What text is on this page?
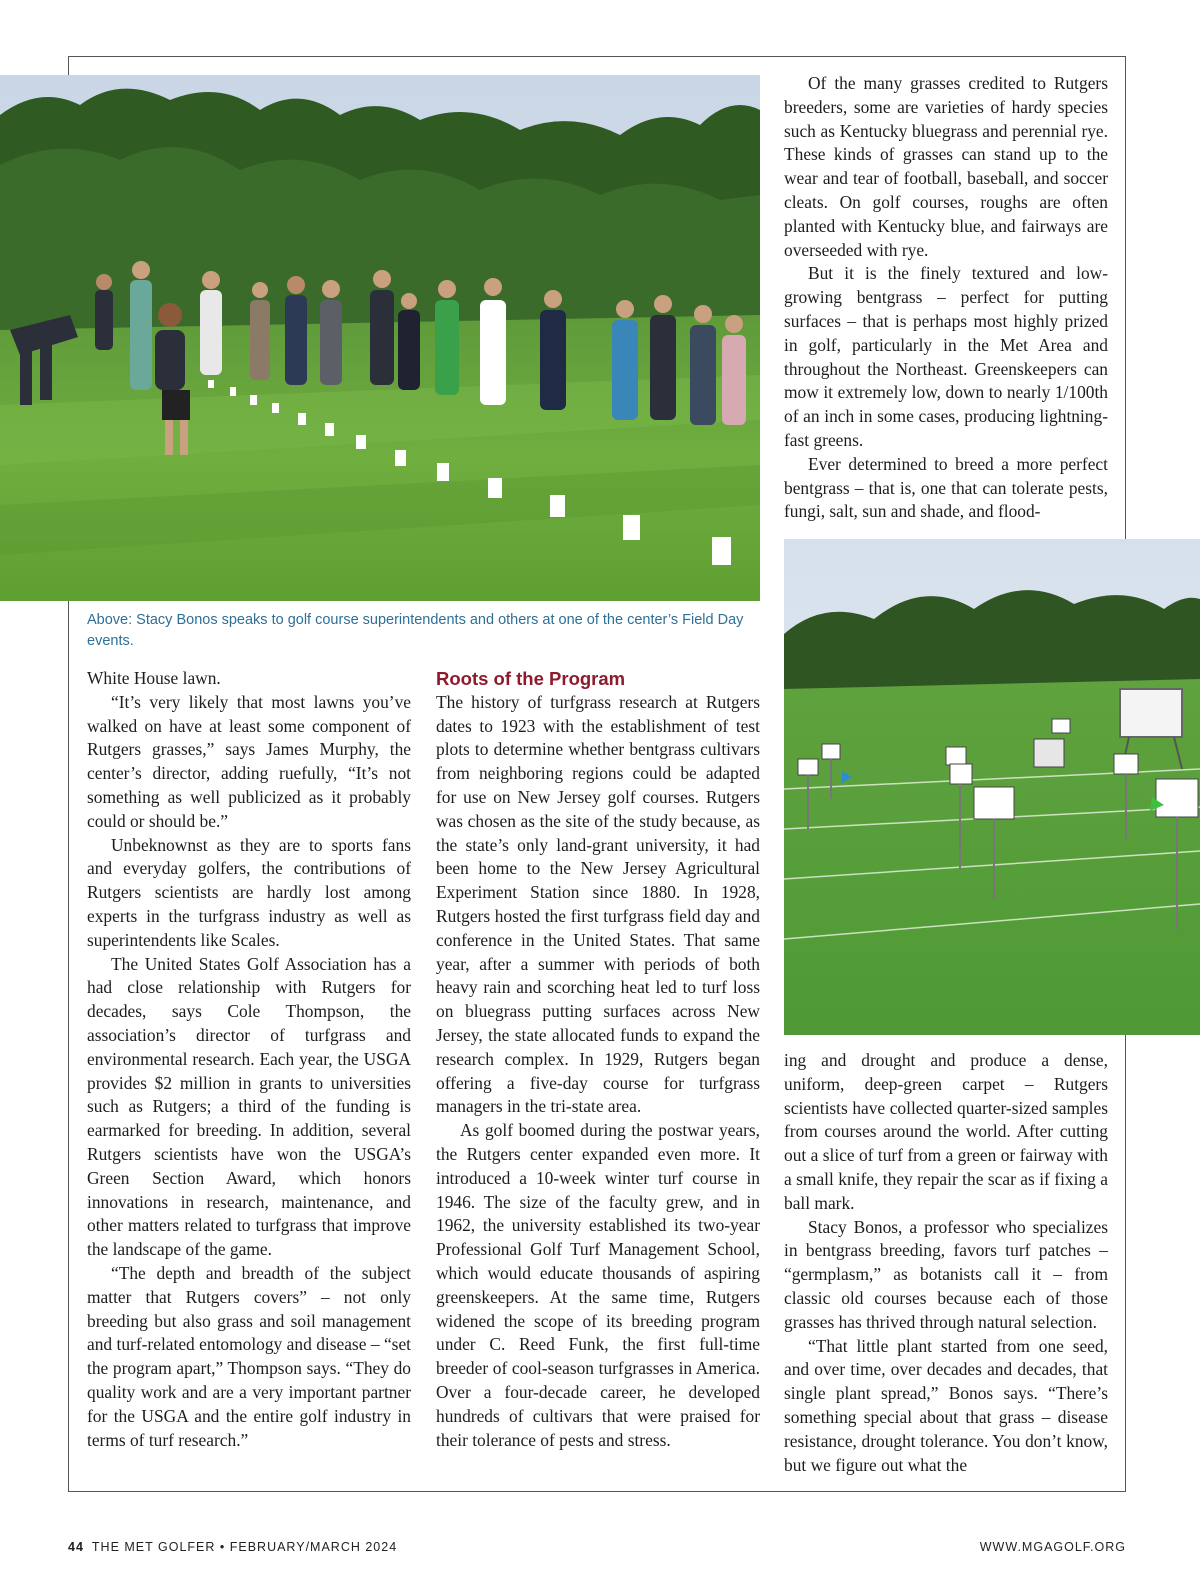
Above: Stacy Bonos speaks to golf course superintendents and others at one of the center’s Field Day events.

Of the many grasses credited to Rutgers breeders, some are varieties of hardy species such as Kentucky bluegrass and perennial rye. These kinds of grasses can stand up to the wear and tear of football, baseball, and soccer cleats. On golf courses, roughs are often planted with Kentucky blue, and fairways are overseeded with rye.

But it is the finely textured and low-growing bentgrass – perfect for putting surfaces – that is perhaps most highly prized in golf, particularly in the Met Area and throughout the Northeast. Greenskeepers can mow it extremely low, down to nearly 1/100th of an inch in some cases, producing lightning-fast greens.

Ever determined to breed a more perfect bentgrass – that is, one that can tolerate pests, fungi, salt, sun and shade, and flood-

White House lawn.

“It’s very likely that most lawns you’ve walked on have at least some component of Rutgers grasses,” says James Murphy, the center’s director, adding ruefully, “It’s not something as well publicized as it probably could or should be.”

Unbeknownst as they are to sports fans and everyday golfers, the contributions of Rutgers scientists are hardly lost among experts in the turfgrass industry as well as superintendents like Scales.

The United States Golf Association has a had close relationship with Rutgers for decades, says Cole Thompson, the association’s director of turfgrass and environmental research. Each year, the USGA provides $2 million in grants to universities such as Rutgers; a third of the funding is earmarked for breeding. In addition, several Rutgers scientists have won the USGA’s Green Section Award, which honors innovations in research, maintenance, and other matters related to turfgrass that improve the landscape of the game.

“The depth and breadth of the subject matter that Rutgers covers” – not only breeding but also grass and soil management and turf-related entomology and disease – “set the program apart,” Thompson says. “They do quality work and are a very important partner for the USGA and the entire golf industry in terms of turf research.”

Roots of the Program

The history of turfgrass research at Rutgers dates to 1923 with the establishment of test plots to determine whether bentgrass cultivars from neighboring regions could be adapted for use on New Jersey golf courses. Rutgers was chosen as the site of the study because, as the state’s only land-grant university, it had been home to the New Jersey Agricultural Experiment Station since 1880. In 1928, Rutgers hosted the first turfgrass field day and conference in the United States. That same year, after a summer with periods of both heavy rain and scorching heat led to turf loss on bluegrass putting surfaces across New Jersey, the state allocated funds to expand the research complex. In 1929, Rutgers began offering a five-day course for turfgrass managers in the tri-state area.

As golf boomed during the postwar years, the Rutgers center expanded even more. It introduced a 10-week winter turf course in 1946. The size of the faculty grew, and in 1962, the university established its two-year Professional Golf Turf Management School, which would educate thousands of aspiring greenskeepers. At the same time, Rutgers widened the scope of its breeding program under C. Reed Funk, the first full-time breeder of cool-season turfgrasses in America. Over a four-decade career, he developed hundreds of cultivars that were praised for their tolerance of pests and stress.

ing and drought and produce a dense, uniform, deep-green carpet – Rutgers scientists have collected quarter-sized samples from courses around the world. After cutting out a slice of turf from a green or fairway with a small knife, they repair the scar as if fixing a ball mark.

Stacy Bonos, a professor who specializes in bentgrass breeding, favors turf patches – “germplasm,” as botanists call it – from classic old courses because each of those grasses has thrived through natural selection.

“That little plant started from one seed, and over time, over decades and decades, that single plant spread,” Bonos says. “There’s something special about that grass – disease resistance, drought tolerance. You don’t know, but we figure out what the

44 THE MET GOLFER • FEBRUARY/MARCH 2024	WWW.MGAGOLF.ORG
